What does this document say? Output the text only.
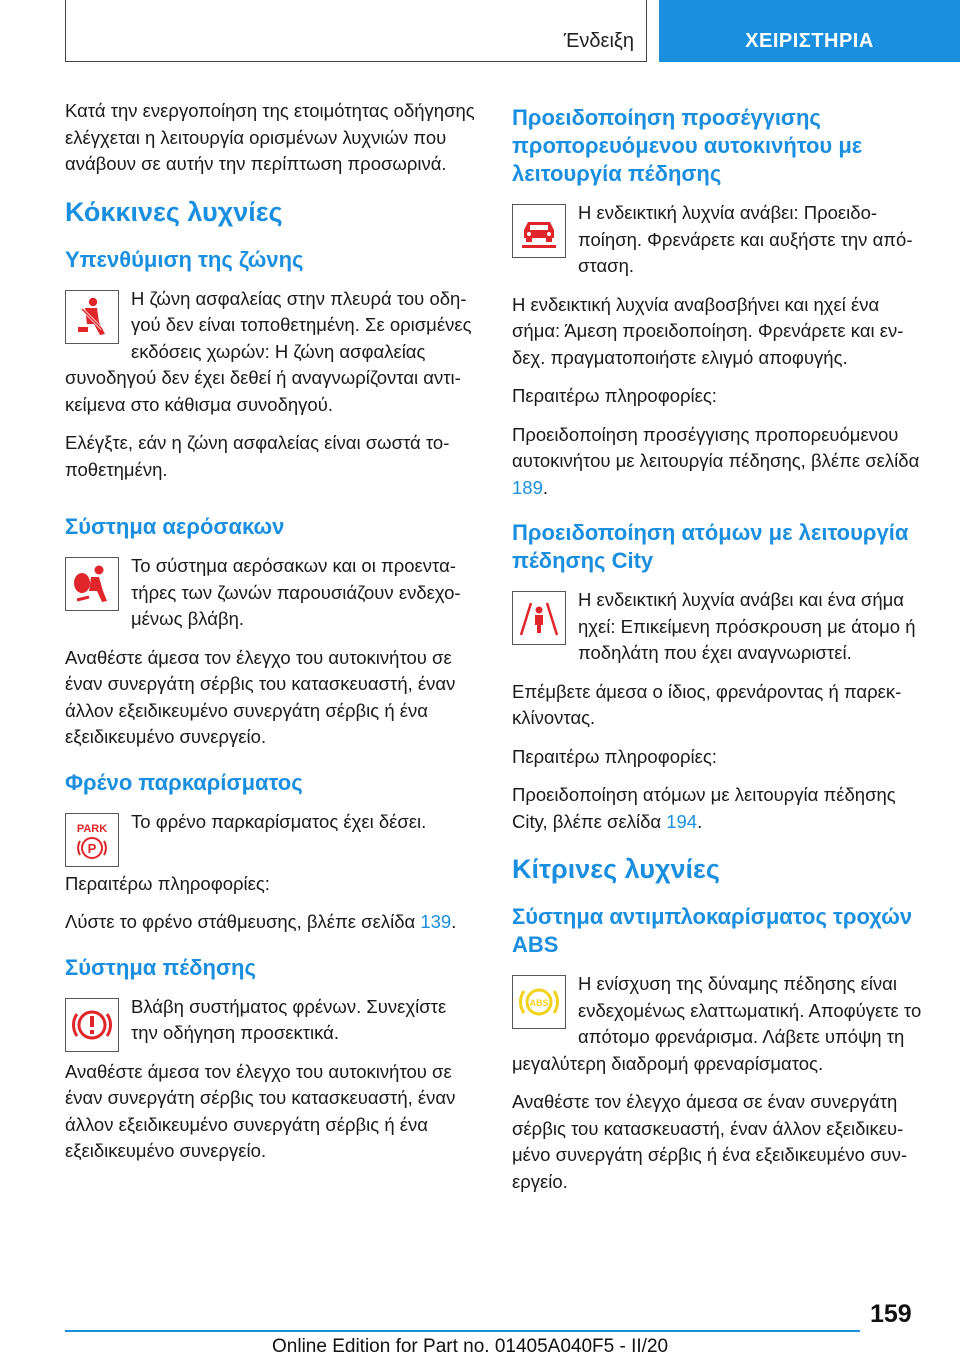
Ένδειξη	ΧΕΙΡΙΣΤΗΡΙΑ

Κατά την ενεργοποίηση της ετοιμότητας οδήγησης ελέγχεται η λειτουργία ορισμένων λυχνιών που ανάβουν σε αυτήν την περίπτωση προσωρινά.

Κόκκινες λυχνίες
Υπενθύμιση της ζώνης

Η ζώνη ασφαλείας στην πλευρά του οδηγού δεν είναι τοποθετημένη. Σε ορισμένες εκδόσεις χωρών: Η ζώνη ασφαλείας συνοδηγού δεν έχει δεθεί ή αναγνωρίζονται αντικείμενα στο κάθισμα συνοδηγού.

Ελέγξτε, εάν η ζώνη ασφαλείας είναι σωστά τοποθετημένη.

Σύστημα αερόσακων

Το σύστημα αερόσακων και οι προεντατήρες των ζωνών παρουσιάζουν ενδεχομένως βλάβη.

Αναθέστε άμεσα τον έλεγχο του αυτοκινήτου σε έναν συνεργάτη σέρβις του κατασκευαστή, έναν άλλον εξειδικευμένο συνεργάτη σέρβις ή ένα εξειδικευμένο συνεργείο.

Φρένο παρκαρίσματος
PARK
P

Το φρένο παρκαρίσματος έχει δέσει.

Περαιτέρω πληροφορίες:

Λύστε το φρένο στάθμευσης, βλέπε σελίδα 139.

Σύστημα πέδησης

Βλάβη συστήματος φρένων. Συνεχίστε την οδήγηση προσεκτικά.

Αναθέστε άμεσα τον έλεγχο του αυτοκινήτου σε έναν συνεργάτη σέρβις του κατασκευαστή, έναν άλλον εξειδικευμένο συνεργάτη σέρβις ή ένα εξειδικευμένο συνεργείο.

Προειδοποίηση προσέγγισης προπορευόμενου αυτοκινήτου με λειτουργία πέδησης

Η ενδεικτική λυχνία ανάβει: Προειδοποίηση. Φρενάρετε και αυξήστε την απόσταση.

Η ενδεικτική λυχνία αναβοσβήνει και ηχεί ένα σήμα: Άμεση προειδοποίηση. Φρενάρετε και ενδεχ. πραγματοποιήστε ελιγμό αποφυγής.

Περαιτέρω πληροφορίες:

Προειδοποίηση προσέγγισης προπορευόμενου αυτοκινήτου με λειτουργία πέδησης, βλέπε σελίδα 189.

Προειδοποίηση ατόμων με λειτουργία πέδησης City

Η ενδεικτική λυχνία ανάβει και ένα σήμα ηχεί: Επικείμενη πρόσκρουση με άτομο ή ποδηλάτη που έχει αναγνωριστεί.

Επέμβετε άμεσα ο ίδιος, φρενάροντας ή παρεκκλίνοντας.

Περαιτέρω πληροφορίες:

Προειδοποίηση ατόμων με λειτουργία πέδησης City, βλέπε σελίδα 194.

Κίτρινες λυχνίες
Σύστημα αντιμπλοκαρίσματος τροχών ABS
ABS

Η ενίσχυση της δύναμης πέδησης είναι ενδεχομένως ελαττωματική. Αποφύγετε το απότομο φρενάρισμα. Λάβετε υπόψη τη μεγαλύτερη διαδρομή φρεναρίσματος.

Αναθέστε τον έλεγχο άμεσα σε έναν συνεργάτη σέρβις του κατασκευαστή, έναν άλλον εξειδικευμένο συνεργάτη σέρβις ή ένα εξειδικευμένο συνεργείο.

159
Online Edition for Part no. 01405A040F5 - II/20
